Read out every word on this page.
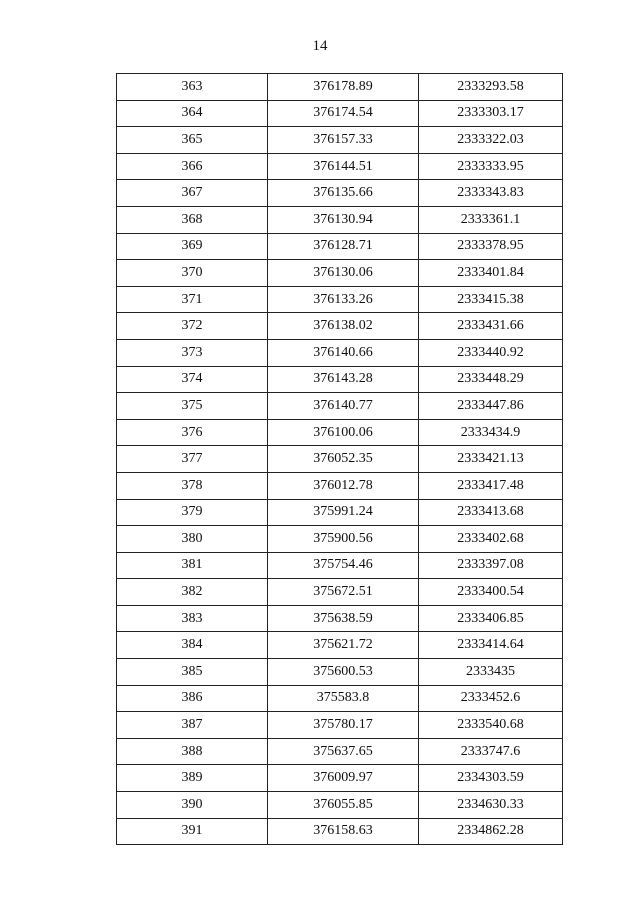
14
363	376178.89	2333293.58
364	376174.54	2333303.17
365	376157.33	2333322.03
366	376144.51	2333333.95
367	376135.66	2333343.83
368	376130.94	2333361.1
369	376128.71	2333378.95
370	376130.06	2333401.84
371	376133.26	2333415.38
372	376138.02	2333431.66
373	376140.66	2333440.92
374	376143.28	2333448.29
375	376140.77	2333447.86
376	376100.06	2333434.9
377	376052.35	2333421.13
378	376012.78	2333417.48
379	375991.24	2333413.68
380	375900.56	2333402.68
381	375754.46	2333397.08
382	375672.51	2333400.54
383	375638.59	2333406.85
384	375621.72	2333414.64
385	375600.53	2333435
386	375583.8	2333452.6
387	375780.17	2333540.68
388	375637.65	2333747.6
389	376009.97	2334303.59
390	376055.85	2334630.33
391	376158.63	2334862.28
